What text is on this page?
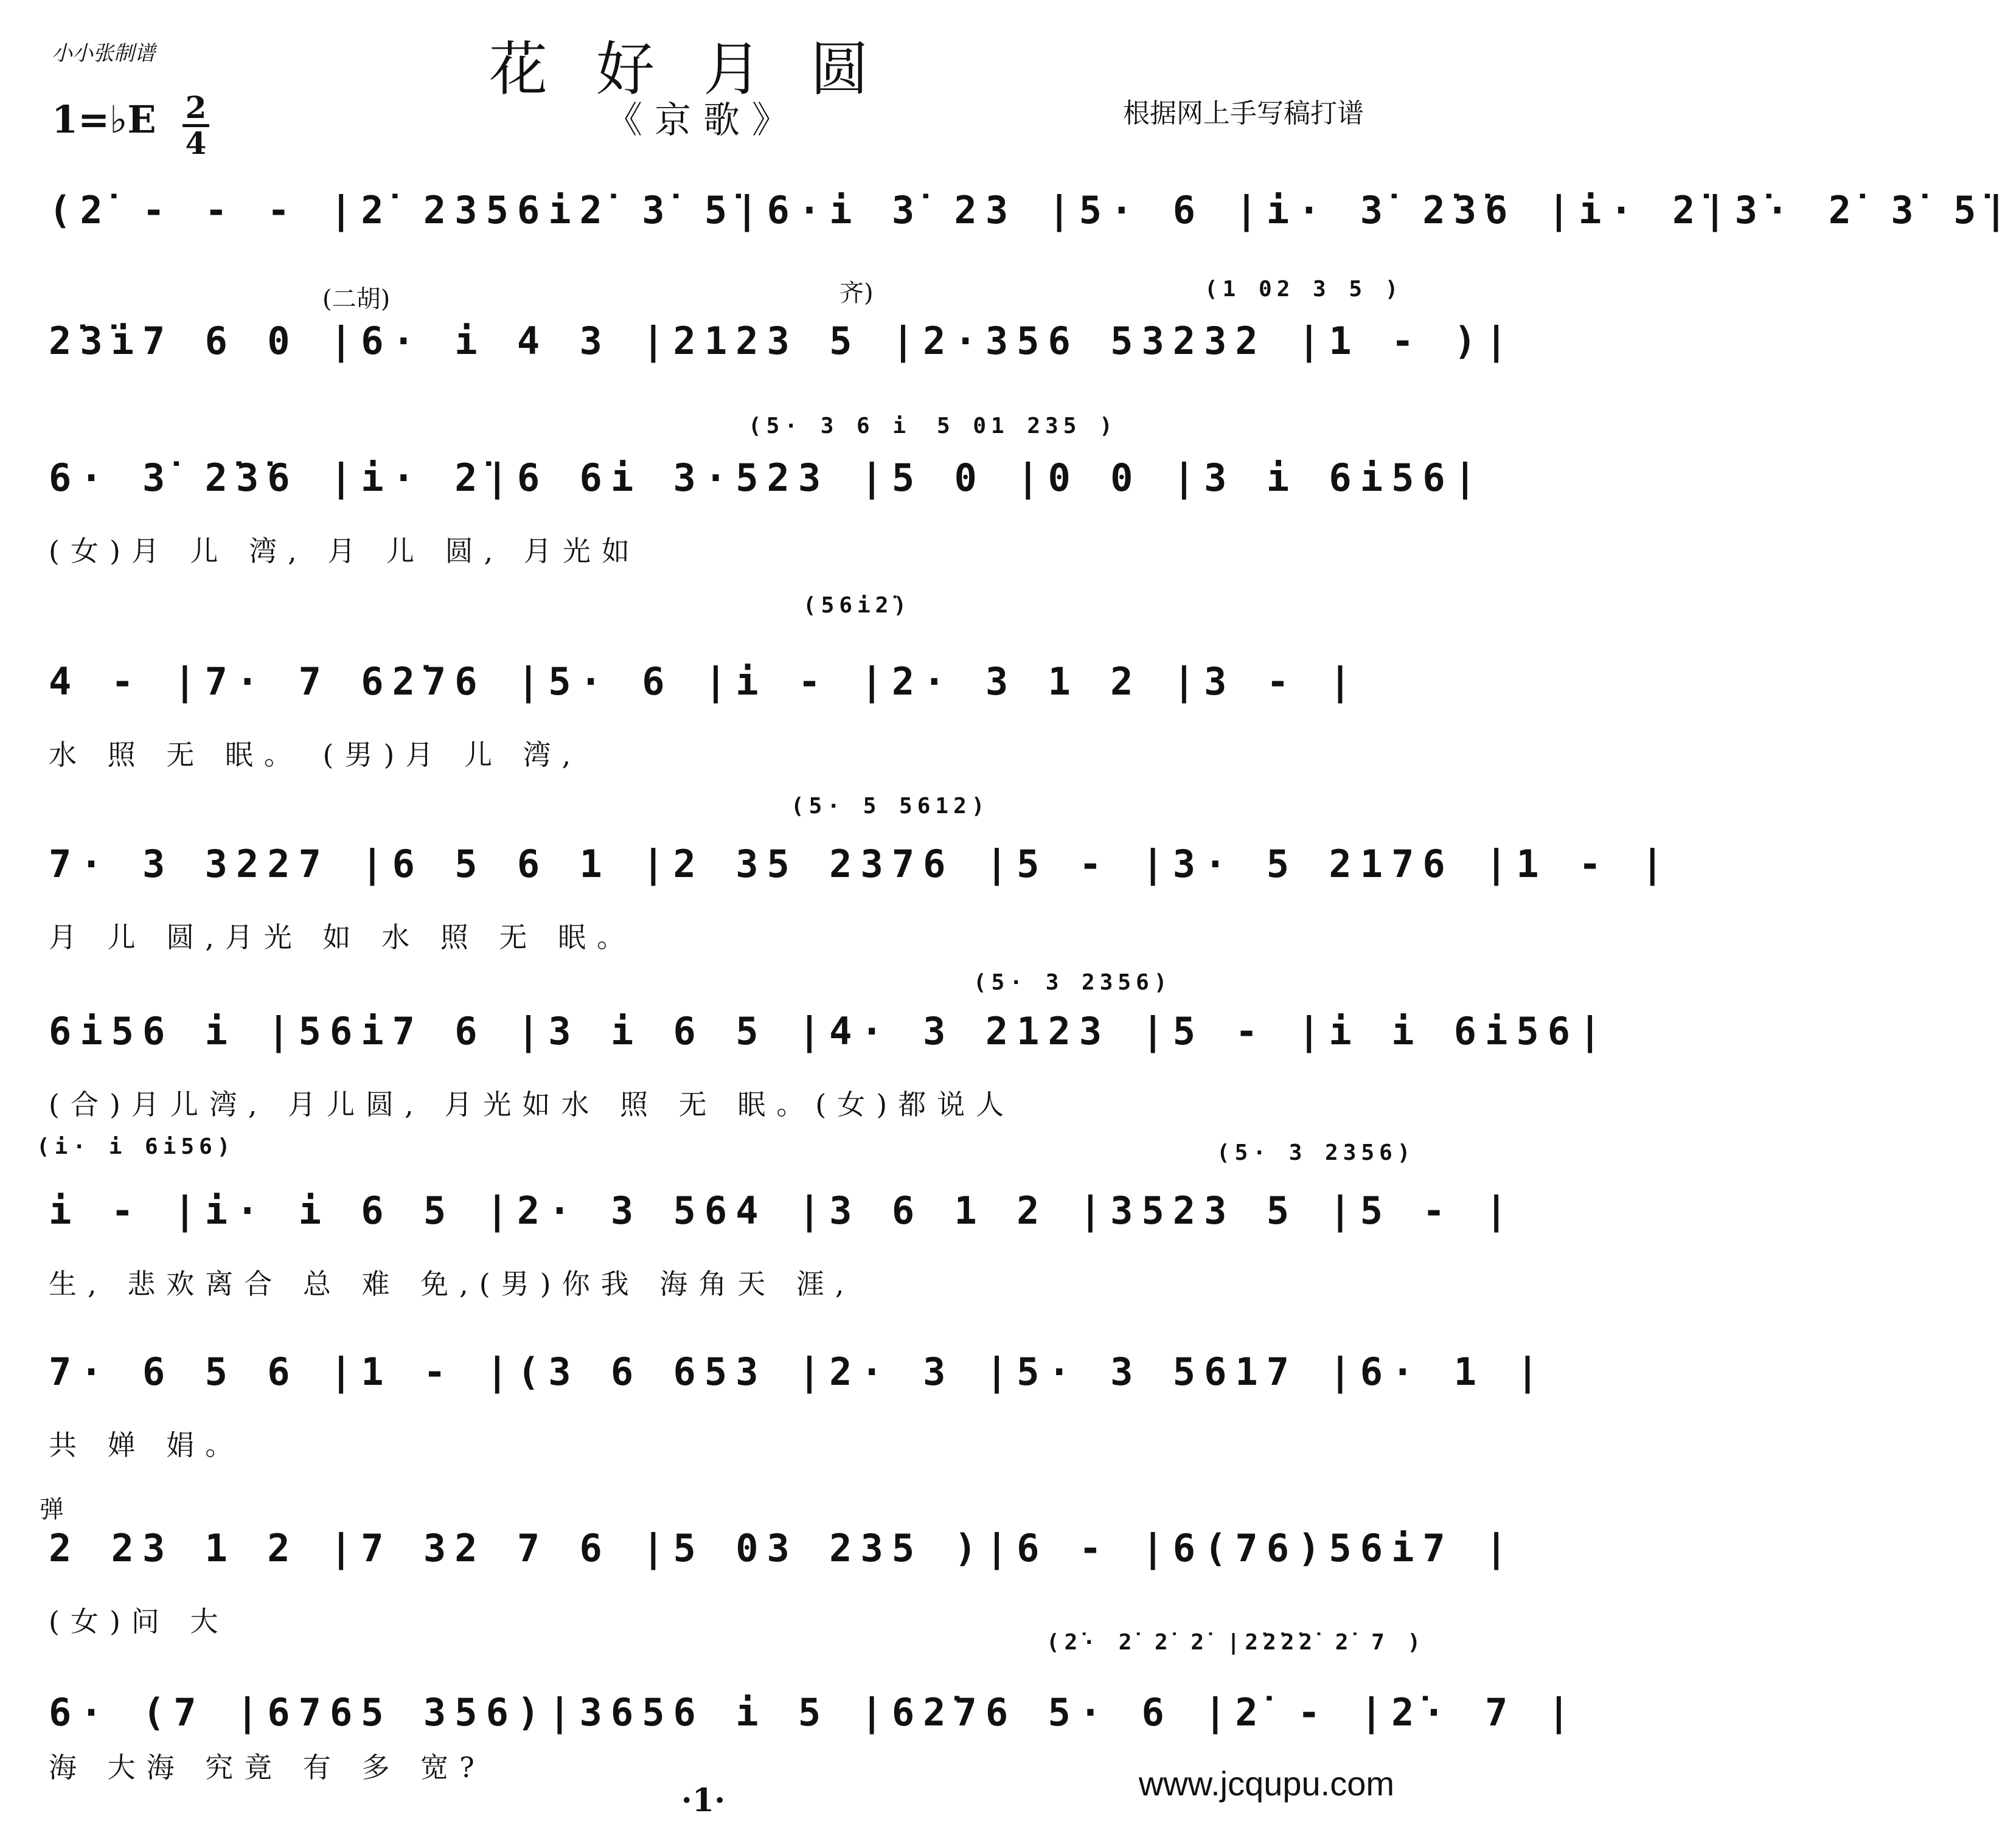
小小张制谱	花好月圆
《京歌》	根据网上手写稿打谱
1=♭E 2
4
(2̇ - - - |2̇ 2356i2̇ 3̇ 5̇|6·i 3̇ 23 |5· 6 |i· 3̇ 2̇3̇6 |i· 2̇|3̇· 2̇ 3̇ 5̇|
(二胡)	齐)	(1 02 3 5 )
2̇3̇i7 6 0 |6· i 4 3 |2123 5 |2·356 53232 |1 - )|
(5· 3 6 i 5 01 235 )
6· 3̇ 2̇3̇6 |i· 2̇|6 6i 3·523 |5 0 |0 0 |3 i 6i56|
(女)月 儿 湾, 月 儿 圆, 月光如
(56i2̇)
4 - |7· 7 62̇76 |5· 6 |i - |2· 3 1 2 |3 - |
水 照 无 眠。 (男)月 儿 湾,
(5· 5 5612)
7· 3 3227 |6 5 6 1 |2 35 2376 |5 - |3· 5 2176 |1 - |
月 儿 圆,月光 如 水 照 无 眠。
(5· 3 2356)
6i56 i |56i7 6 |3 i 6 5 |4· 3 2123 |5 - |i i 6i56|
(合)月儿湾, 月儿圆, 月光如水 照 无 眠。(女)都说人
(i· i 6i56)	(5· 3 2356)
i - |i· i 6 5 |2· 3 564 |3 6 1 2 |3523 5 |5 - |
生, 悲欢离合 总 难 免,(男)你我 海角天 涯,
7· 6 5 6 |1 - |(3 6 653 |2· 3 |5· 3 5617 |6· 1 |
共 婵 娟。
弹
2 23 1 2 |7 32 7 6 |5 03 235 )|6 - |6(76)56i7 |
(女)问 大
(2̇· 2̇ 2̇ 2̇ |2̇2̇2̇2̇ 2̇ 7 )
6· (7 |6765 356)|3656 i 5 |62̇76 5· 6 |2̇ - |2̇· 7 |
海 大海 究竟 有 多 宽?
·1·	www.jcqupu.com
